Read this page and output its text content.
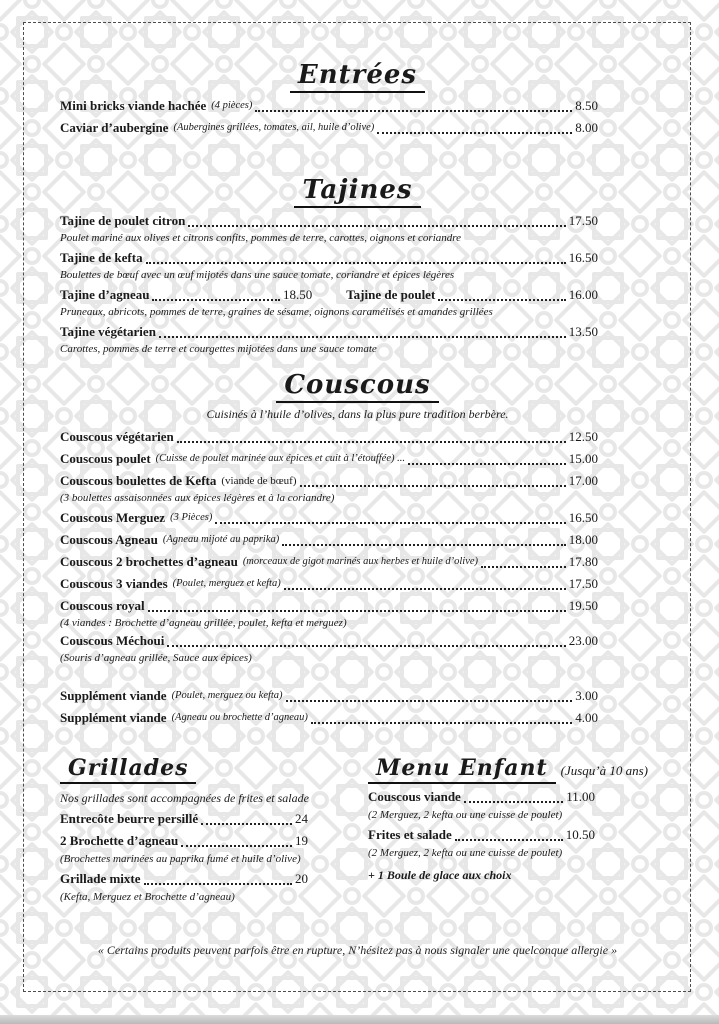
Entrées
Mini bricks viande hachée (4 pièces)	8.50
Caviar d’aubergine (Aubergines grillées, tomates, ail, huile d’olive)	8.00
Tajines
Tajine de poulet citron	17.50
Poulet mariné aux olives et citrons confits, pommes de terre, carottes, oignons et coriandre
Tajine de kefta	16.50
Boulettes de bœuf avec un œuf mijotés dans une sauce tomate, coriandre et épices légères
Tajine d’agneau	18.50	Tajine de poulet	16.00
Pruneaux, abricots, pommes de terre, graines de sésame, oignons caramélisés et amandes grillées
Tajine végétarien	13.50
Carottes, pommes de terre et courgettes mijotées dans une sauce tomate
Couscous
Cuisinés à l’huile d’olives, dans la plus pure tradition berbère.
Couscous végétarien	12.50
Couscous poulet (Cuisse de poulet marinée aux épices et cuit à l’étouffée) ...	15.00
Couscous boulettes de Kefta (viande de bœuf)	17.00
(3 boulettes assaisonnées aux épices légères et à la coriandre)
Couscous Merguez (3 Pièces)	16.50
Couscous Agneau (Agneau mijoté au paprika)	18.00
Couscous 2 brochettes d’agneau (morceaux de gigot marinés aux herbes et huile d’olive)	17.80
Couscous 3 viandes (Poulet, merguez et kefta)	17.50
Couscous royal	19.50
(4 viandes : Brochette d’agneau grillée, poulet, kefta et merguez)
Couscous Méchoui	23.00
(Souris d’agneau grillée, Sauce aux épices)
Supplément viande (Poulet, merguez ou kefta)	3.00
Supplément viande (Agneau ou brochette d’agneau)	4.00
Grillades
Nos grillades sont accompagnées de frites et salade
Entrecôte beurre persillé	24
2 Brochette d’agneau	19
(Brochettes marinées au paprika fumé et huile d’olive)
Grillade mixte	20
(Kefta, Merguez et Brochette d’agneau)
Menu Enfant	(Jusqu’à 10 ans)
Couscous viande	11.00
(2 Merguez, 2 kefta ou une cuisse de poulet)
Frites et salade	10.50
(2 Merguez, 2 kefta ou une cuisse de poulet)
+ 1 Boule de glace aux choix
« Certains produits peuvent parfois être en rupture, N’hésitez pas à nous signaler une quelconque allergie »
